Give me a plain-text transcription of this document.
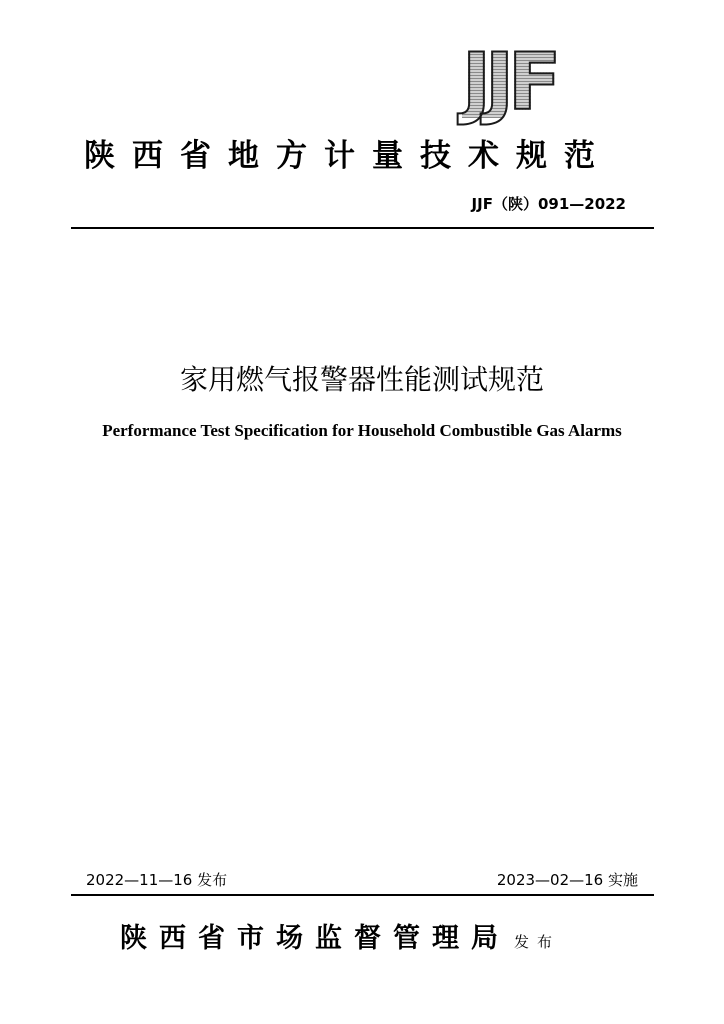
JJF
陕西省地方计量技术规范
JJF（陕）091—2022
家用燃气报警器性能测试规范
Performance Test Specification for Household Combustible Gas Alarms
2022—11—16 发布	2023—02—16 实施
陕西省市场监督管理局 发布
